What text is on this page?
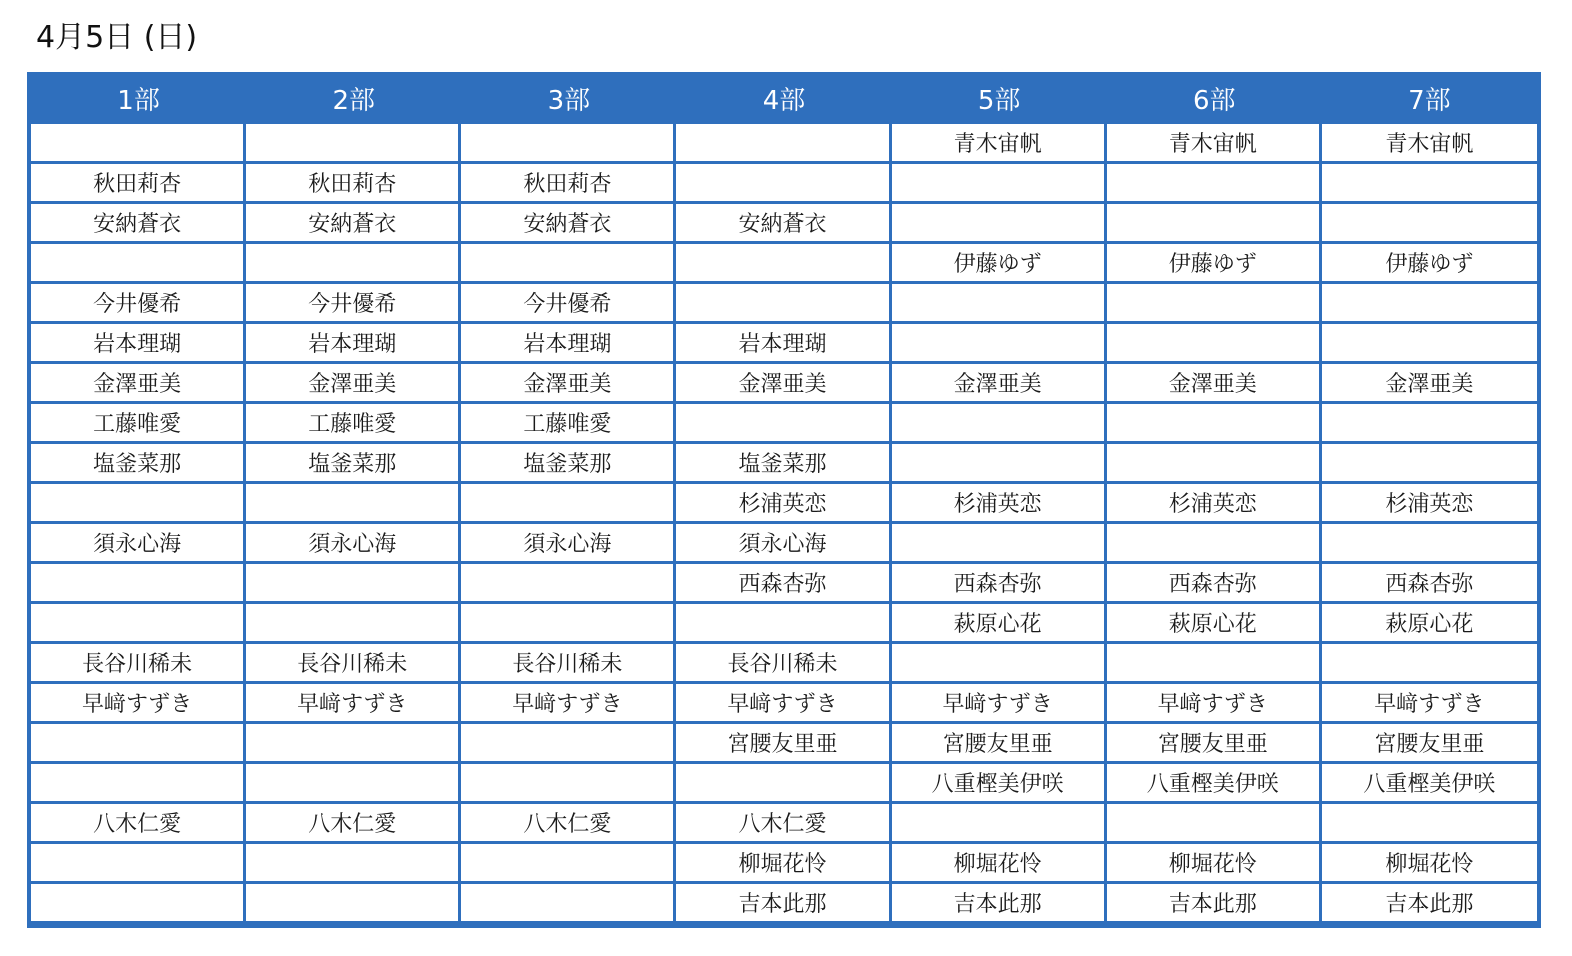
4月5日 (日)
1部	2部	3部	4部	5部	6部	7部
				青木宙帆	青木宙帆	青木宙帆
秋田莉杏	秋田莉杏	秋田莉杏				
安納蒼衣	安納蒼衣	安納蒼衣	安納蒼衣			
				伊藤ゆず	伊藤ゆず	伊藤ゆず
今井優希	今井優希	今井優希				
岩本理瑚	岩本理瑚	岩本理瑚	岩本理瑚			
金澤亜美	金澤亜美	金澤亜美	金澤亜美	金澤亜美	金澤亜美	金澤亜美
工藤唯愛	工藤唯愛	工藤唯愛				
塩釜菜那	塩釜菜那	塩釜菜那	塩釜菜那			
			杉浦英恋	杉浦英恋	杉浦英恋	杉浦英恋
須永心海	須永心海	須永心海	須永心海			
			西森杏弥	西森杏弥	西森杏弥	西森杏弥
				萩原心花	萩原心花	萩原心花
長谷川稀未	長谷川稀未	長谷川稀未	長谷川稀未			
早﨑すずき	早﨑すずき	早﨑すずき	早﨑すずき	早﨑すずき	早﨑すずき	早﨑すずき
			宮腰友里亜	宮腰友里亜	宮腰友里亜	宮腰友里亜
				八重樫美伊咲	八重樫美伊咲	八重樫美伊咲
八木仁愛	八木仁愛	八木仁愛	八木仁愛			
			柳堀花怜	柳堀花怜	柳堀花怜	柳堀花怜
			吉本此那	吉本此那	吉本此那	吉本此那
